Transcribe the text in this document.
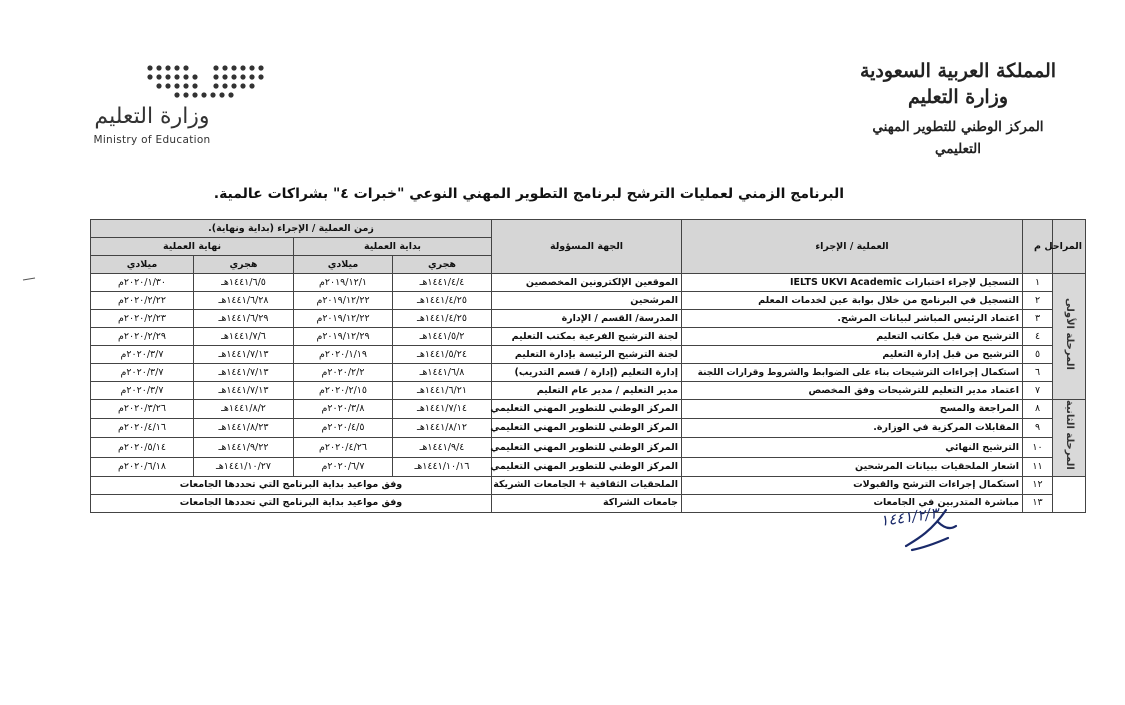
المملكة العربية السعودية
وزارة التعليم
المركز الوطني للتطوير المهني التعليمي
وزارة التعليم
Ministry of Education
البرنامج الزمني لعمليات الترشح لبرنامج التطوير المهني النوعي "خبرات ٤" بشراكات عالمية.
المراحل	م	العملية / الإجراء	الجهة المسؤولة	زمن العملية / الإجراء (بداية ونهاية).			
				بداية العملية		نهاية العملية	
				هجري	ميلادي	هجري	ميلادي
المرحلة الأولى	١	التسجيل لإجراء اختبارات IELTS UKVI Academic	الموقعين الإلكترونين المخصصين	١٤٤١/٤/٤هـ	٢٠١٩/١٢/١م	١٤٤١/٦/٥هـ	٢٠٢٠/١/٣٠م
	٢	التسجيل في البرنامج من خلال بوابة عين لخدمات المعلم	المرشحين	١٤٤١/٤/٢٥هـ	٢٠١٩/١٢/٢٢م	١٤٤١/٦/٢٨هـ	٢٠٢٠/٢/٢٢م
	٣	اعتماد الرئيس المباشر لبيانات المرشح.	المدرسة/ القسم / الإدارة	١٤٤١/٤/٢٥هـ	٢٠١٩/١٢/٢٢م	١٤٤١/٦/٢٩هـ	٢٠٢٠/٢/٢٣م
	٤	الترشيح من قبل مكاتب التعليم	لجنة الترشيح الفرعية بمكتب التعليم	١٤٤١/٥/٢هـ	٢٠١٩/١٢/٢٩م	١٤٤١/٧/٦هـ	٢٠٢٠/٢/٢٩م
	٥	الترشيح من قبل إدارة التعليم	لجنة الترشيح الرئيسة بإدارة التعليم	١٤٤١/٥/٢٤هـ	٢٠٢٠/١/١٩م	١٤٤١/٧/١٣هـ	٢٠٢٠/٣/٧م
	٦	استكمال إجراءات الترشيحات بناء على الضوابط والشروط وقرارات اللجنة	إدارة التعليم (إدارة / قسم التدريب)	١٤٤١/٦/٨هـ	٢٠٢٠/٢/٢م	١٤٤١/٧/١٣هـ	٢٠٢٠/٣/٧م
	٧	اعتماد مدير التعليم للترشيحات وفق المخصص	مدير التعليم / مدير عام التعليم	١٤٤١/٦/٢١هـ	٢٠٢٠/٢/١٥م	١٤٤١/٧/١٣هـ	٢٠٢٠/٣/٧م
المرحلة الثانية	٨	المراجعة والمسح	المركز الوطني للتطوير المهني التعليمي	١٤٤١/٧/١٤هـ	٢٠٢٠/٣/٨م	١٤٤١/٨/٢هـ	٢٠٢٠/٣/٢٦م
	٩	المقابلات المركزية في الوزارة.	المركز الوطني للتطوير المهني التعليمي	١٤٤١/٨/١٢هـ	٢٠٢٠/٤/٥م	١٤٤١/٨/٢٣هـ	٢٠٢٠/٤/١٦م
	١٠	الترشيح النهائي	المركز الوطني للتطوير المهني التعليمي	١٤٤١/٩/٤هـ	٢٠٢٠/٤/٢٦م	١٤٤١/٩/٢٢هـ	٢٠٢٠/٥/١٤م
	١١	اشعار الملحقيات ببيانات المرشحين	المركز الوطني للتطوير المهني التعليمي	١٤٤١/١٠/١٦هـ	٢٠٢٠/٦/٧م	١٤٤١/١٠/٢٧هـ	٢٠٢٠/٦/١٨م
	١٢	استكمال إجراءات الترشح والقبولات	الملحقيات الثقافية + الجامعات الشريكة	وفق مواعيد بداية البرنامج التي تحددها الجامعات			
	١٣	مباشرة المتدربين في الجامعات	جامعات الشراكة	وفق مواعيد بداية البرنامج التي تحددها الجامعات			
١٤٤١/٢/٣
